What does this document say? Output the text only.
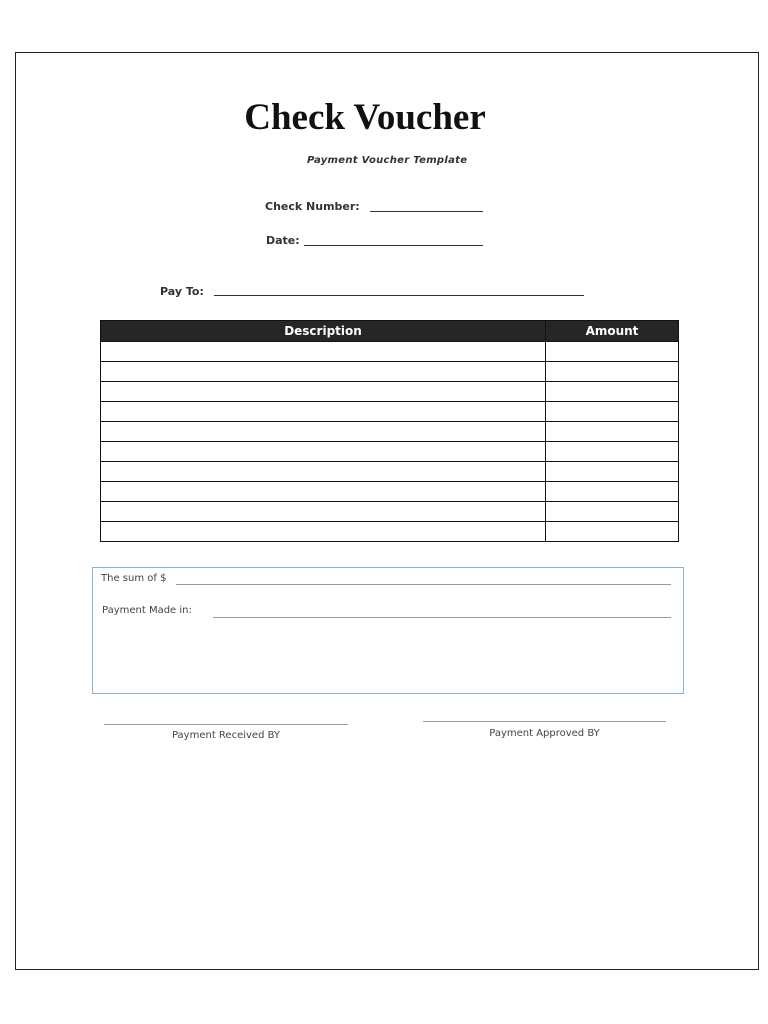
Check Voucher
Payment Voucher Template
Check Number:
Date:
Pay To:
Description	Amount

The sum of $
Payment Made in:
Payment Received BY	Payment Approved BY
